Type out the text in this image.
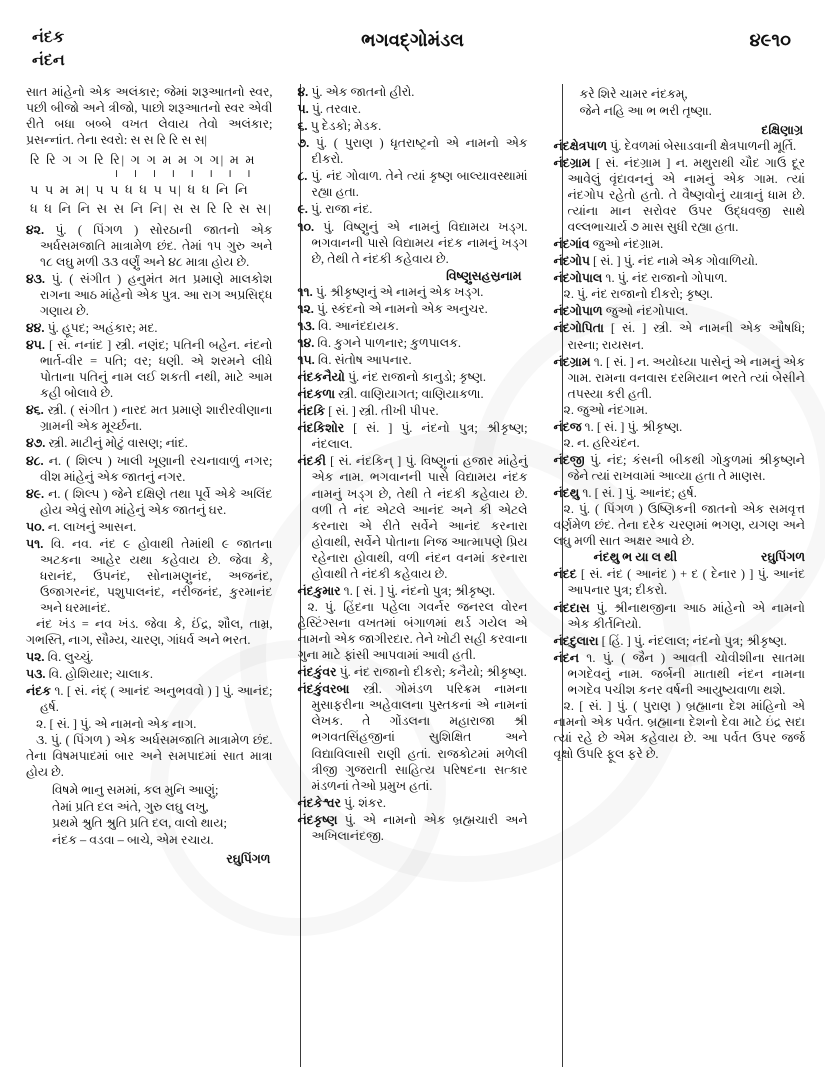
નંદક
નંદન
ભગવદ્ગોમંડલ	૪૯૧૦

સાત માંહેનો એક અલંકાર; જેમાં શરૂઆતનો સ્વર, પછી બીજો અને ત્રીજો, પાછો શરૂઆતનો સ્વર એવી રીતે બધા બબ્બે વખત લેવાય તેવો અલંકાર; પ્રસન્નાંત. તેના સ્વરો: સ સ રિ રિ સ સ|

રિ રિ ગ ગ રિ રિ| ગ ગ મ મ ગ ગ| મ મ
। । । । । । । ।
પ પ મ મ| પ પ ધ ધ પ પ| ધ ધ નિ નિ
ધ ધ નિ નિ સ સ નિ નિ| સ સ રિ રિ સ સ|

૪૨. પું. ( પિંગળ ) સોરઠાની જાતનો એક અર્ધસમજાતિ માત્રામેળ છંદ. તેમાં ૧૫ ગુરુ અને ૧૮ લઘુ મળી ૩૩ વર્ણું અને ૪૮ માત્રા હોય છે.

૪૩. પું. ( સંગીત ) હનુમંત મત પ્રમાણે માલકોશ રાગના આઠ માંહેનો એક પુત્ર. આ રાગ અપ્રસિદ્ધ ગણાય છે.

૪૪. પું. હૂપદ; અહંકાર; મદ.

૪૫. [ સં. નનાંદ ] સ્ત્રી. નણંદ; પતિની બહેન. નંદનો ભાર્ત-વીર = પતિ; વર; ધણી. એ શરમને લીધે પોતાના પતિનું નામ લઈ શકતી નથી, માટે આમ કહી બોલાવે છે.

૪૬. સ્ત્રી. ( સંગીત ) નારદ મત પ્રમાણે શારીરવીણાના ગ્રામની એક મૂર્ચ્છના.

૪૭. સ્ત્રી. માટીનું મોટું વાસણ; નાંદ.

૪૮. ન. ( શિલ્પ ) ખાલી ખૂણાની રચનાવાળું નગર; વીશ માંહેનું એક જાતનું નગર.

૪૯. ન. ( શિલ્પ ) જેને દક્ષિણે તથા પૂર્વે એકે અલિંદ હોય એવું સોળ માંહેનું એક જાતનું ઘર.

૫૦. ન. લાખનું આસન.

૫૧. વિ. નવ. નંદ ૯ હોવાથી તેમાંથી ૯ જાતના અટકના આહેર યથા કહેવાય છે. જેવા કે, ધરાનંદ, ઉપનંદ, સોનામણુનંદ, અજનંદ, ઉજાગરનંદ, પશુપાલનંદ, નરીજનંદ, કુરમાનંદ અને ધરમાનંદ.

નંદ ખંડ = નવ ખંડ. જેવા કે, ઈંદ્ર, શૌલ, તામ્ર, ગભસ્તિ, નાગ, સૌમ્ય, ચારણ, ગાંધર્વ અને ભરત.

૫૨. વિ. લુચ્ચું.

૫૩. વિ. હોશિયાર; ચાલાક.

નંદક ૧. [ સં. નંદ્ ( આનંદ અનુભવવો ) ] પું. આનંદ; હર્ષ.

૨. [ સં. ] પું. એ નામનો એક નાગ.

૩. પું. ( પિંગળ ) એક અર્ધસમજાતિ માત્રામેળ છંદ. તેના વિષમપાદમાં બાર અને સમપાદમાં સાત માત્રા હોય છે.

વિષમે ભાનુ સમમાં, કલ મુનિ આણું;
તેમાં પ્રતિ દલ અંતે, ગુરુ લઘુ લખુ,
પ્રથમે શ્રુતિ શ્રુતિ પ્રતિ દલ, વાલો થાય;
નંદક – વડવા – બાચે, એમ રચાય.
રઘુપિંગળ

૪. પું. એક જાતનો હીરો.

૫. પું. તરવાર.

૬. પુ દેડકો; મેડક.

૭. પું. ( પુરાણ ) ધૃતરાષ્ટ્રનો એ નામનો એક દીકરો.

૮. પું. નંદ ગોવાળ. તેને ત્યાં કૃષ્ણ બાલ્યાવસ્થામાં રહ્યા હતા.

૯. પું. રાજા નંદ.

૧૦. પું. વિષ્ણુનું એ નામનું વિદ્યામય ખડ્ગ. ભગવાનની પાસે વિદ્યામય નંદક નામનું ખડ્ગ છે, તેથી તે નંદકી કહેવાય છે.

વિષ્ણુસહસ્રનામ

૧૧. પું. શ્રીકૃષ્ણનું એ નામનું એક ખડ્ગ.

૧૨. પું. સ્કંદનો એ નામનો એક અનુચર.

૧૩. વિ. આનંદદાયક.

૧૪. વિ. કુગને પાળનાર; કુળપાલક.

૧૫. વિ. સંતોષ આપનાર.

નંદકનૈયો પું. નંદ રાજાનો કાનુડો; કૃષ્ણ.

નંદકળા સ્ત્રી. વાણિયાગત; વાણિયાકળા.

નંદકિ [ સં. ] સ્ત્રી. તીખી પીપર.

નંદકિશોર [ સં. ] પું. નંદનો પુત્ર; શ્રીકૃષ્ણ; નંદલાલ.

નંદકી [ સં. નંદકિન્ ] પું. વિષ્ણુનાં હજાર માંહેનું એક નામ. ભગવાનની પાસે વિદ્યામય નંદક નામનું ખડ્ગ છે, તેથી તે નંદકી કહેવાય છે. વળી તે નંદ એટલે આનંદ અને કી એટલે કરનારા એ રીતે સર્વેને આનંદ કરનારા હોવાથી, સર્વેને પોતાના નિજ આત્માપણે પ્રિય રહેનારા હોવાથી, વળી નંદન વનમાં કરનારા હોવાથી તે નંદકી કહેવાય છે.

નંદકુમાર ૧. [ સં. ] પું. નંદનો પુત્ર; શ્રીકૃષ્ણ.

૨. પું. હિંદના પહેલા ગવર્નર જનરલ વોરન હેસ્ટિંગ્સના વખતમાં બંગાળમાં થર્ડ ગયેલ એ નામનો એક જાગીરદાર. તેને ખોટી સહી કરવાના ગુના માટે ફાંસી આપવામાં આવી હતી.

નંદકુંવર પું. નંદ રાજાનો દીકરો; કનૈયો; શ્રીકૃષ્ણ.

નંદકુંવરબા સ્ત્રી. ગોમંડળ પરિક્રમ નામના મુસાફરીના અહેવાલના પુસ્તકનાં એ નામનાં લેખક. તે ગોંડલના મહારાજા શ્રી ભગવતસિંહજીનાં સુશિક્ષિત અને વિદ્યાવિલાસી રાણી હતાં. રાજકોટમાં મળેલી ત્રીજી ગુજરાતી સાહિત્ય પરિષદના સત્કાર મંડળનાં તેઓ પ્રમુખ હતાં.

નંદકેશ્વર પું. શંકર.

નંદકૃષ્ણ પું. એ નામનો એક બ્રહ્મચારી અને અખિલાનંદજી.

કરે શિરે ચામર નંદકમ્,
જેને નહિ આ ભ ભરી તૃષ્ણા.
દક્ષિણાગ્ર

નંદક્ષેત્રપાળ પું. દેવળમાં બેસાડવાની ક્ષેત્રપાળની મૂર્તિ.

નંદગ્રામ [ સં. નંદગ્રામ ] ન. મથુરાથી ચૌદ ગાઉ દૂર આવેલું વૃંદાવનનું એ નામનું એક ગામ. ત્યાં નંદગોપ રહેતો હતો. તે વૈષ્ણવોનું યાત્રાનું ધામ છે. ત્યાંના માન સરોવર ઉપર ઉદ્ધવજી સાથે વલ્લભાચાર્ય ૭ માસ સુધી રહ્યા હતા.

નંદગાંવ જુઓ નંદગ્રામ.

નંદગોપ [ સં. ] પું. નંદ નામે એક ગોવાળિયો.

નંદગોપાલ ૧. પું. નંદ રાજાનો ગોપાળ.

૨. પું. નંદ રાજાનો દીકરો; કૃષ્ણ.

નંદગોપાળ જુઓ નંદગોપાલ.

નંદગોપિતા [ સં. ] સ્ત્રી. એ નામની એક ઔષધિ; રાસ્ના; રાયસન.

નંદગ્રામ ૧. [ સં. ] ન. અયોધ્યા પાસેનું એ નામનું એક ગામ. રામના વનવાસ દરમિયાન ભરતે ત્યાં બેસીને તપસ્યા કરી હતી.

૨. જુઓ નંદગામ.

નંદજ ૧. [ સં. ] પું. શ્રીકૃષ્ણ.

૨. ન. હરિચંદન.

નંદજી પું. નંદ; કંસની બીકથી ગોકુળમાં શ્રીકૃષ્ણને જેને ત્યાં રાખવામાં આવ્યા હતા તે માણસ.

નંદથુ ૧. [ સં. ] પું. આનંદ; હર્ષ.

૨. પું. ( પિંગળ ) ઉષ્ણિકની જાતનો એક સમવૃત્ત વર્ણમેળ છંદ. તેના દરેક ચરણમાં ભગણ, યગણ અને લઘુ મળી સાત અક્ષર આવે છે.

નંદથુ ભ યા લ થી	રઘુપિંગળ

નંદદ [ સં. નંદ ( આનંદ ) + દ ( દેનાર ) ] પું. આનંદ આપનાર પુત્ર; દીકરો.

નંદદાસ પું. શ્રીનાથજીના આઠ માંહેનો એ નામનો એક કીર્તનિયો.

નંદદુલારા [ હિં. ] પું. નંદલાલ; નંદનો પુત્ર; શ્રીકૃષ્ણ.

નંદન ૧. પું. ( જૈન ) આવતી ચોવીશીના સાતમા ભગદેવનું નામ. જર્બની માતાથી નંદન નામના ભગદેવ પચીશ કનર વર્ષની આયુષ્યવાળા થશે.

૨. [ સં. ] પું. ( પુરાણ ) બ્રહ્માના દેશ માંહિનો એ નામનો એક પર્વત. બ્રહ્માના દેશનો દેવા માટે ઇંદ્ર સદા ત્યાં રહે છે એમ કહેવાય છે. આ પર્વત ઉપર જર્જ વૃક્ષો ઉપરિ ફૂલ ફરે છે.
